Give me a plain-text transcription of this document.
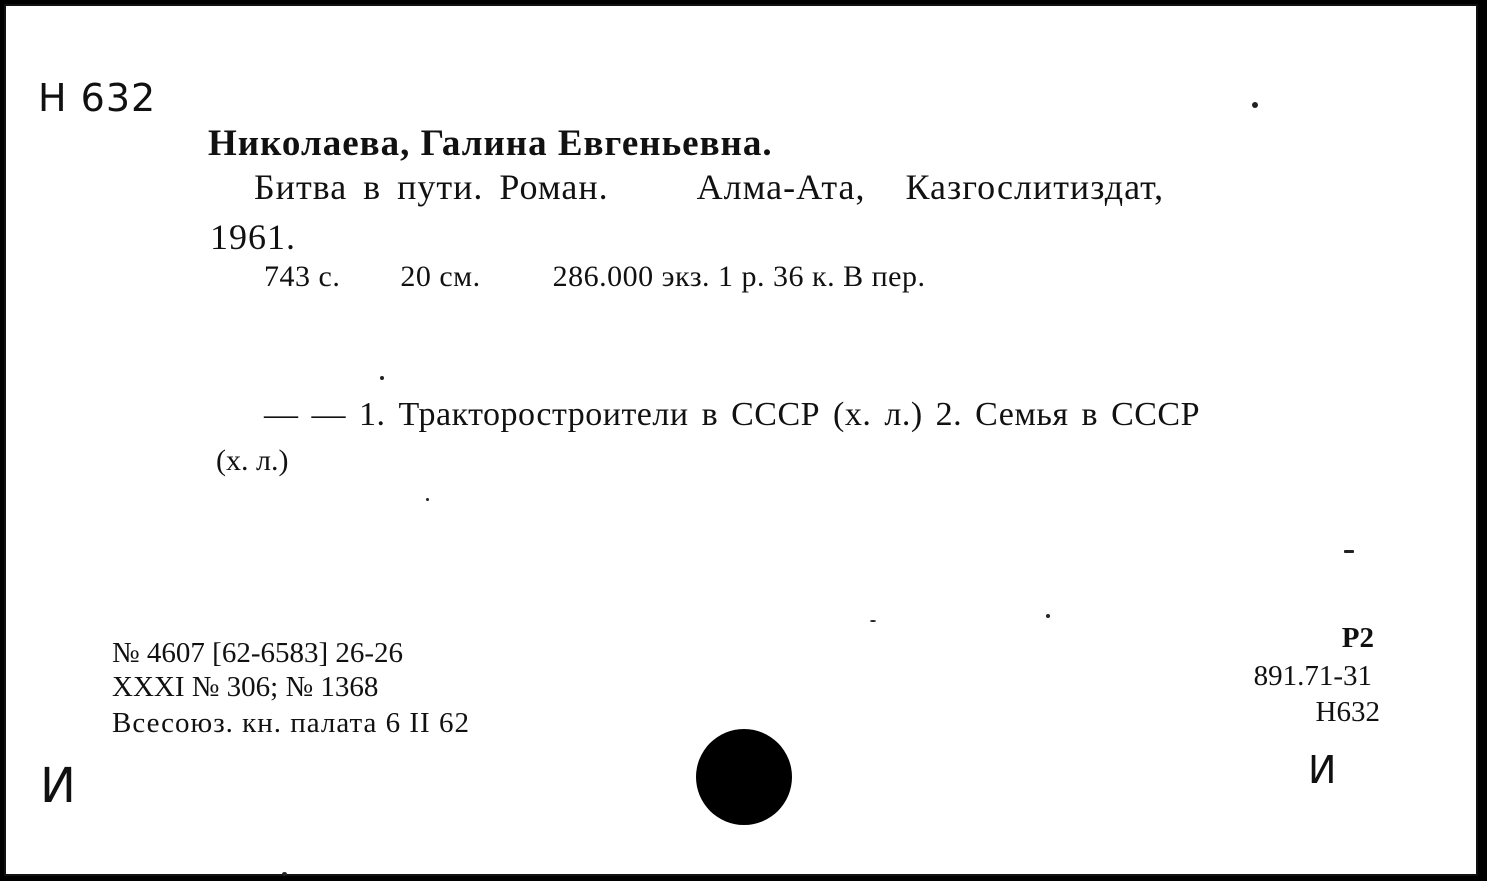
Н 632
Николаева, Галина Евгеньевна.
Битва в пути. Роман. Алма-Ата, Казгослитиздат,
1961.
743 с. 20 см. 286.000 экз. 1 р. 36 к. В пер.
— — 1. Тракторостроители в СССР (х. л.) 2. Семья в СССР
(х. л.)
№ 4607 [62-6583] 26-26
XXXI № 306; № 1368
Всесоюз. кн. палата 6 II 62
Р2
891.71-31
Н632
И	И
